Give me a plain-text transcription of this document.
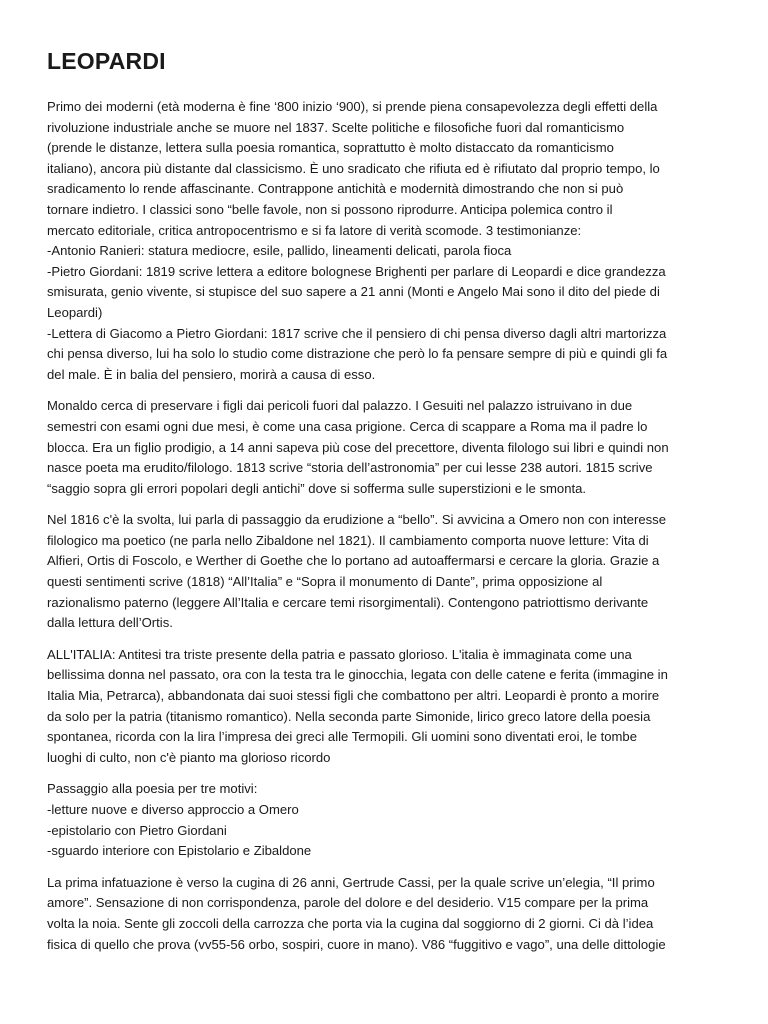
LEOPARDI

Primo dei moderni (età moderna è fine ‘800 inizio ‘900), si prende piena consapevolezza degli effetti della
rivoluzione industriale anche se muore nel 1837. Scelte politiche e filosofiche fuori dal romanticismo
(prende le distanze, lettera sulla poesia romantica, soprattutto è molto distaccato da romanticismo
italiano), ancora più distante dal classicismo. È uno sradicato che rifiuta ed è rifiutato dal proprio tempo, lo
sradicamento lo rende affascinante. Contrappone antichità e modernità dimostrando che non si può
tornare indietro. I classici sono “belle favole, non si possono riprodurre. Anticipa polemica contro il
mercato editoriale, critica antropocentrismo e si fa latore di verità scomode. 3 testimonianze:
-Antonio Ranieri: statura mediocre, esile, pallido, lineamenti delicati, parola fioca
-Pietro Giordani: 1819 scrive lettera a editore bolognese Brighenti per parlare di Leopardi e dice grandezza
smisurata, genio vivente, si stupisce del suo sapere a 21 anni (Monti e Angelo Mai sono il dito del piede di
Leopardi)
-Lettera di Giacomo a Pietro Giordani: 1817 scrive che il pensiero di chi pensa diverso dagli altri martorizza
chi pensa diverso, lui ha solo lo studio come distrazione che però lo fa pensare sempre di più e quindi gli fa
del male. È in balia del pensiero, morirà a causa di esso.

Monaldo cerca di preservare i figli dai pericoli fuori dal palazzo. I Gesuiti nel palazzo istruivano in due
semestri con esami ogni due mesi, è come una casa prigione. Cerca di scappare a Roma ma il padre lo
blocca. Era un figlio prodigio, a 14 anni sapeva più cose del precettore, diventa filologo sui libri e quindi non
nasce poeta ma erudito/filologo. 1813 scrive “storia dell’astronomia” per cui lesse 238 autori. 1815 scrive
“saggio sopra gli errori popolari degli antichi” dove si sofferma sulle superstizioni e le smonta.

Nel 1816 c'è la svolta, lui parla di passaggio da erudizione a “bello”. Si avvicina a Omero non con interesse
filologico ma poetico (ne parla nello Zibaldone nel 1821). Il cambiamento comporta nuove letture: Vita di
Alfieri, Ortis di Foscolo, e Werther di Goethe che lo portano ad autoaffermarsi e cercare la gloria. Grazie a
questi sentimenti scrive (1818) “All’Italia” e “Sopra il monumento di Dante”, prima opposizione al
razionalismo paterno (leggere All’Italia e cercare temi risorgimentali). Contengono patriottismo derivante
dalla lettura dell’Ortis.

ALL'ITALIA: Antitesi tra triste presente della patria e passato glorioso. L'italia è immaginata come una
bellissima donna nel passato, ora con la testa tra le ginocchia, legata con delle catene e ferita (immagine in
Italia Mia, Petrarca), abbandonata dai suoi stessi figli che combattono per altri. Leopardi è pronto a morire
da solo per la patria (titanismo romantico). Nella seconda parte Simonide, lirico greco latore della poesia
spontanea, ricorda con la lira l’impresa dei greci alle Termopili. Gli uomini sono diventati eroi, le tombe
luoghi di culto, non c'è pianto ma glorioso ricordo

Passaggio alla poesia per tre motivi:
-letture nuove e diverso approccio a Omero
-epistolario con Pietro Giordani
-sguardo interiore con Epistolario e Zibaldone

La prima infatuazione è verso la cugina di 26 anni, Gertrude Cassi, per la quale scrive un’elegia, “Il primo
amore”. Sensazione di non corrispondenza, parole del dolore e del desiderio. V15 compare per la prima
volta la noia. Sente gli zoccoli della carrozza che porta via la cugina dal soggiorno di 2 giorni. Ci dà l’idea
fisica di quello che prova (vv55-56 orbo, sospiri, cuore in mano). V86 “fuggitivo e vago”, una delle dittologie
